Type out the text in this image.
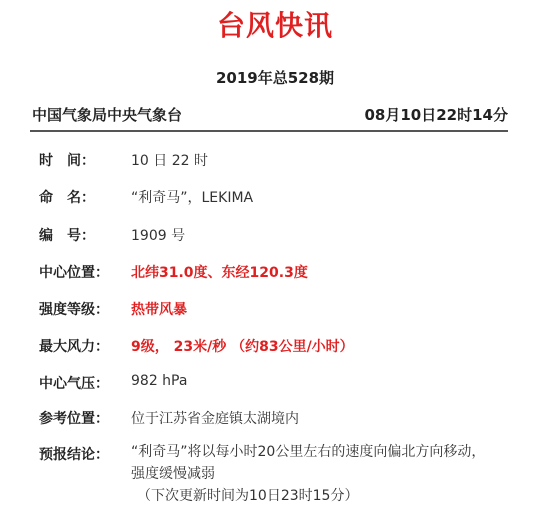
台风快讯
2019年总528期
中国气象局中央气象台	08月10日22时14分
时　间：	10 日 22 时
命　名：	“利奇马”，LEKIMA
编　号：	1909 号
中心位置： 北纬31.0度、东经120.3度
强度等级： 热带风暴
最大风力： 9级， 23米/秒 （约83公里/小时）
中心气压： 982 hPa
参考位置： 位于江苏省金庭镇太湖境内
预报结论： “利奇马”将以每小时20公里左右的速度向偏北方向移动，
强度缓慢减弱
（下次更新时间为10日23时15分）
